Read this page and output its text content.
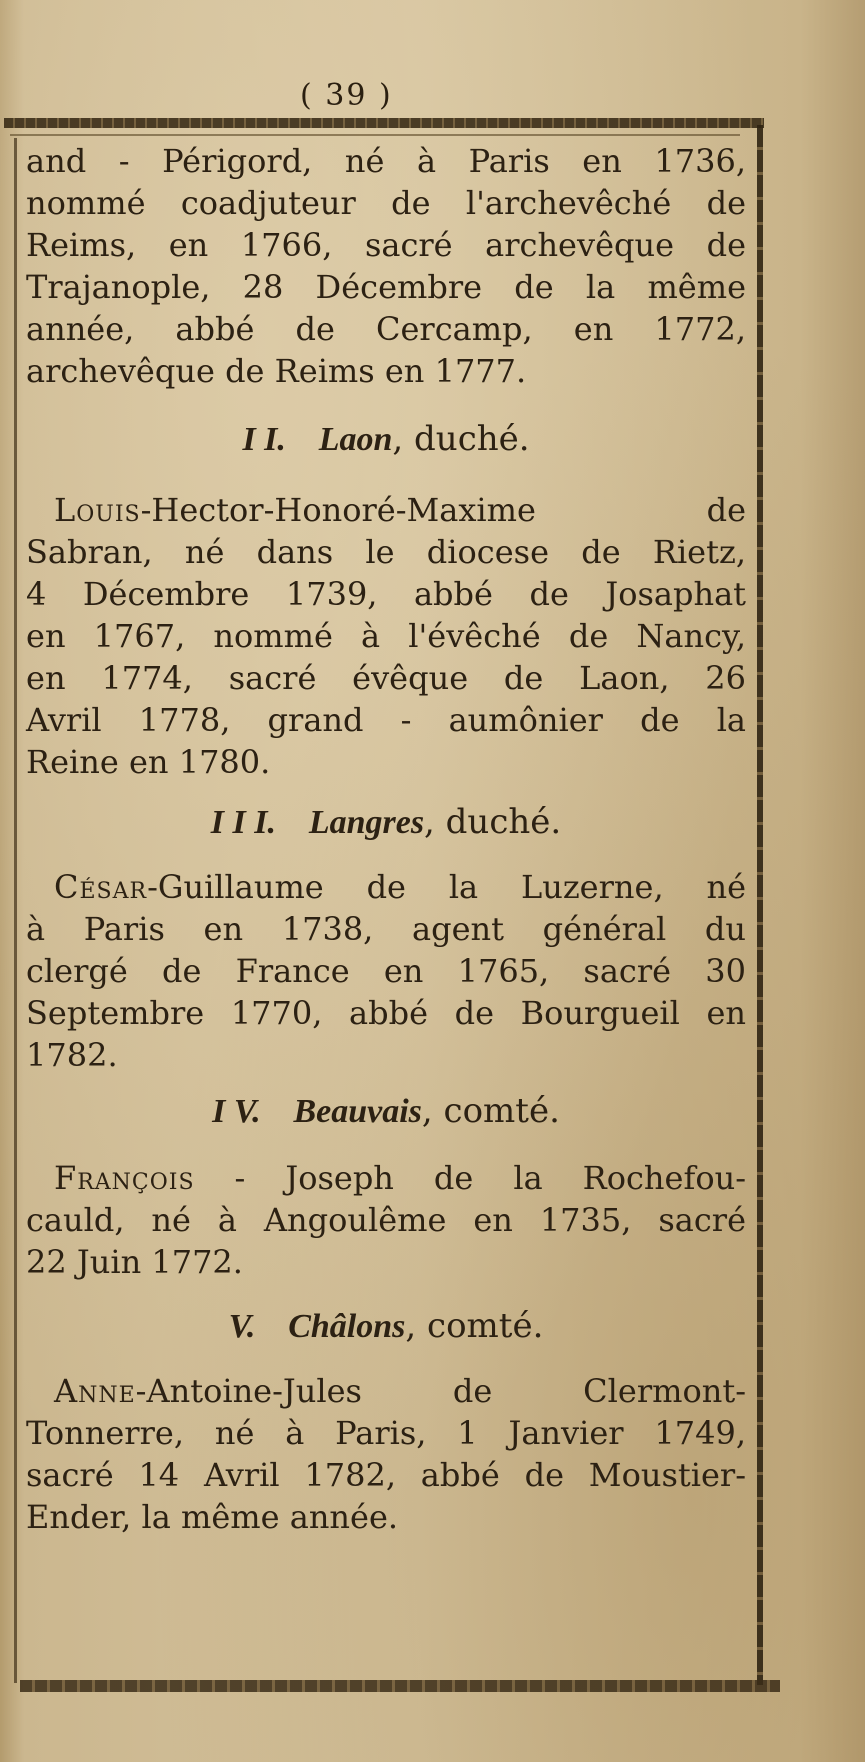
( 39 )
and - Périgord, né à Paris en 1736,
nommé coadjuteur de l'archevêché de
Reims, en 1766, sacré archevêque de
Trajanople, 28 Décembre de la même
année, abbé de Cercamp, en 1772,
archevêque de Reims en 1777.
I I. Laon, duché.
Louis-Hector-Honoré-Maxime de
Sabran, né dans le diocese de Rietz,
4 Décembre 1739, abbé de Josaphat
en 1767, nommé à l'évêché de Nancy,
en 1774, sacré évêque de Laon, 26
Avril 1778, grand - aumônier de la
Reine en 1780.
I I I. Langres, duché.
César-Guillaume de la Luzerne, né
à Paris en 1738, agent général du
clergé de France en 1765, sacré 30
Septembre 1770, abbé de Bourgueil en
1782.
I V. Beauvais, comté.
François - Joseph de la Rochefou-
cauld, né à Angoulême en 1735, sacré
22 Juin 1772.
V. Châlons, comté.
Anne-Antoine-Jules de Clermont-
Tonnerre, né à Paris, 1 Janvier 1749,
sacré 14 Avril 1782, abbé de Moustier-
Ender, la même année.
